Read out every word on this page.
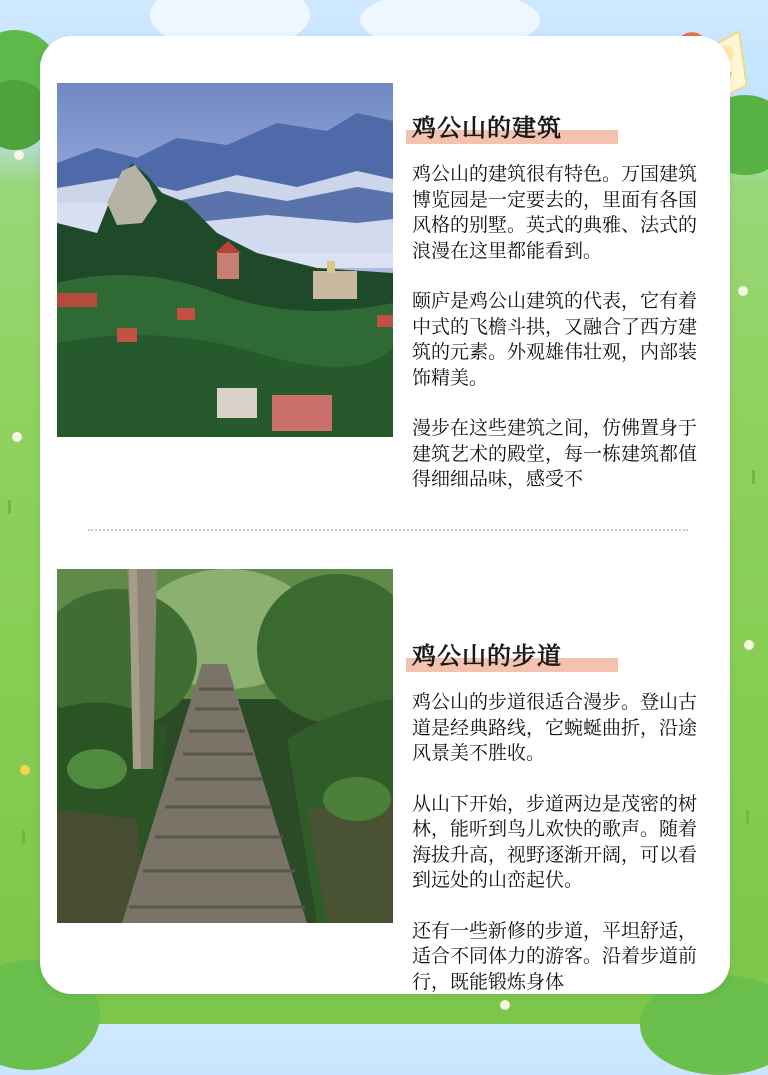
鸡公山的建筑

鸡公山的建筑很有特色。万国建筑博览园是一定要去的，里面有各国风格的别墅。英式的典雅、法式的浪漫在这里都能看到。

颐庐是鸡公山建筑的代表，它有着中式的飞檐斗拱，又融合了西方建筑的元素。外观雄伟壮观，内部装饰精美。

漫步在这些建筑之间，仿佛置身于建筑艺术的殿堂，每一栋建筑都值得细细品味，感受不

鸡公山的步道

鸡公山的步道很适合漫步。登山古道是经典路线，它蜿蜒曲折，沿途风景美不胜收。

从山下开始，步道两边是茂密的树林，能听到鸟儿欢快的歌声。随着海拔升高，视野逐渐开阔，可以看到远处的山峦起伏。

还有一些新修的步道，平坦舒适，适合不同体力的游客。沿着步道前行，既能锻炼身体
